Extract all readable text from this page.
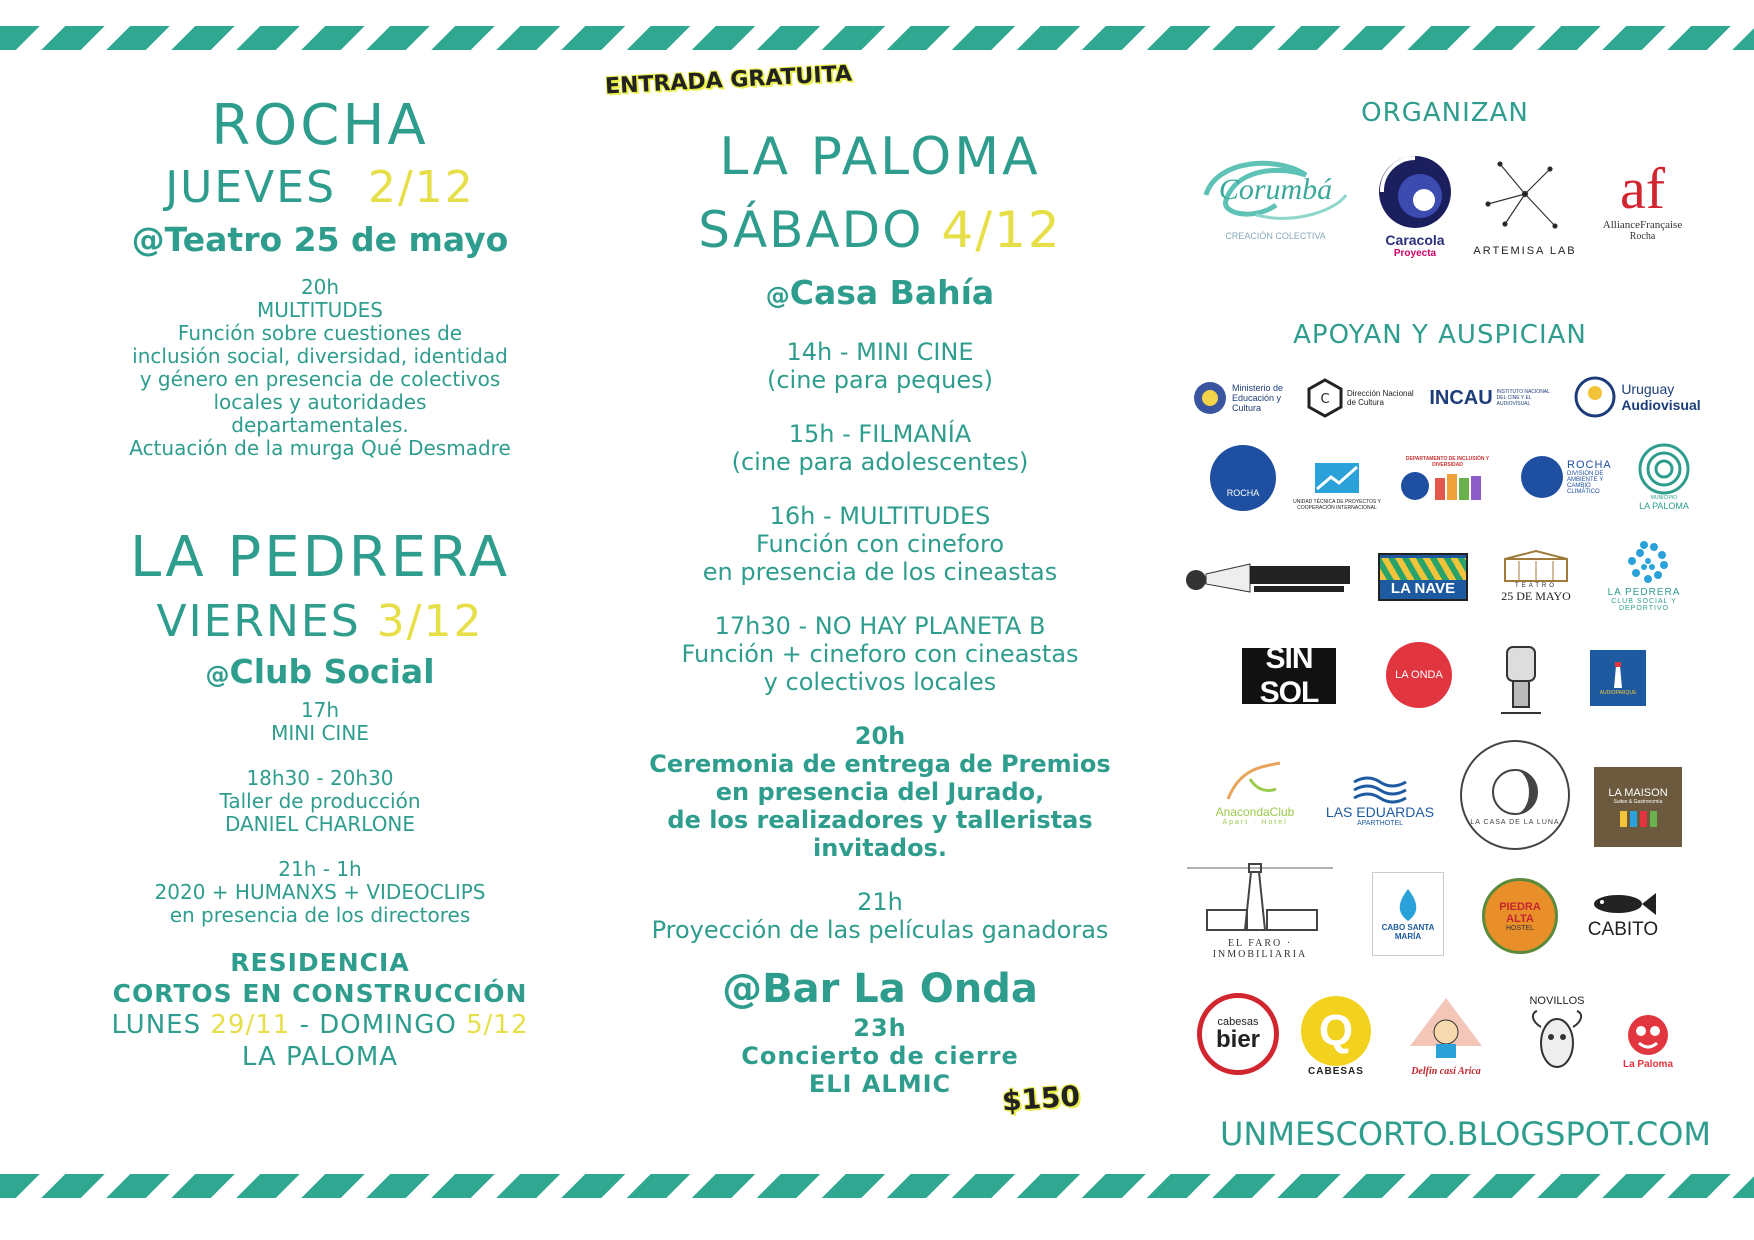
ENTRADA GRATUITA
ROCHA
JUEVES 2/12
@Teatro 25 de mayo
20h
MULTITUDES
Función sobre cuestiones de
inclusión social, diversidad, identidad
y género en presencia de colectivos
locales y autoridades
departamentales.
Actuación de la murga Qué Desmadre
LA PEDRERA
VIERNES 3/12
@Club Social
17h
MINI CINE
18h30 - 20h30
Taller de producción
DANIEL CHARLONE
21h - 1h
2020 + HUMANXS + VIDEOCLIPS
en presencia de los directores
RESIDENCIA
CORTOS EN CONSTRUCCIÓN
LUNES 29/11 - DOMINGO 5/12
LA PALOMA
LA PALOMA
SÁBADO 4/12
@Casa Bahía
14h - MINI CINE
(cine para peques)
15h - FILMANÍA
(cine para adolescentes)
16h - MULTITUDES
Función con cineforo
en presencia de los cineastas
17h30 - NO HAY PLANETA B
Función + cineforo con cineastas
y colectivos locales
20h
Ceremonia de entrega de Premios
en presencia del Jurado,
de los realizadores y talleristas invitados.
21h
Proyección de las películas ganadoras
@Bar La Onda
23h
Concierto de cierre
ELI ALMIC	$150
ORGANIZAN
Corumbá
CREACIÓN COLECTIVA	Caracola
Proyecta	ARTEMISA LAB
af
AllianceFrançaise
Rocha
APOYAN Y AUSPICIAN
Ministerio de Educación y Cultura
C Dirección Nacional de Cultura	INCAU INSTITUTO NACIONAL DEL CINE Y EL AUDIOVISUAL
Uruguay
Audiovisual
ROCHA
UNIDAD TÉCNICA DE PROYECTOS Y COOPERACIÓN INTERNACIONAL
DEPARTAMENTO DE INCLUSIÓN Y DIVERSIDAD	ROCHA
DIVISIÓN DE AMBIENTE Y CAMBIO CLIMÁTICO
MUNICIPIO
LA PALOMA
LA NAVE	TEATRO
25 DE MAYO	LA PEDRERA
CLUB SOCIAL Y DEPORTIVO
SIN SOL
LA ONDA
AUDIOPARQUE
AnacondaClub
Apart · Hotel
LAS EDUARDAS
APARTHOTEL	LA CASA DE LA LUNA
LA MAISON
Suites & Gastronomía
EL FARO · INMOBILIARIA
CABO SANTA MARÍA
PIEDRA ALTA
HOSTEL	CABITO
cabesas
bier	Q
CABESAS	Delfin casi Arica
NOVILLOS
La Paloma
UNMESCORTO.BLOGSPOT.COM
